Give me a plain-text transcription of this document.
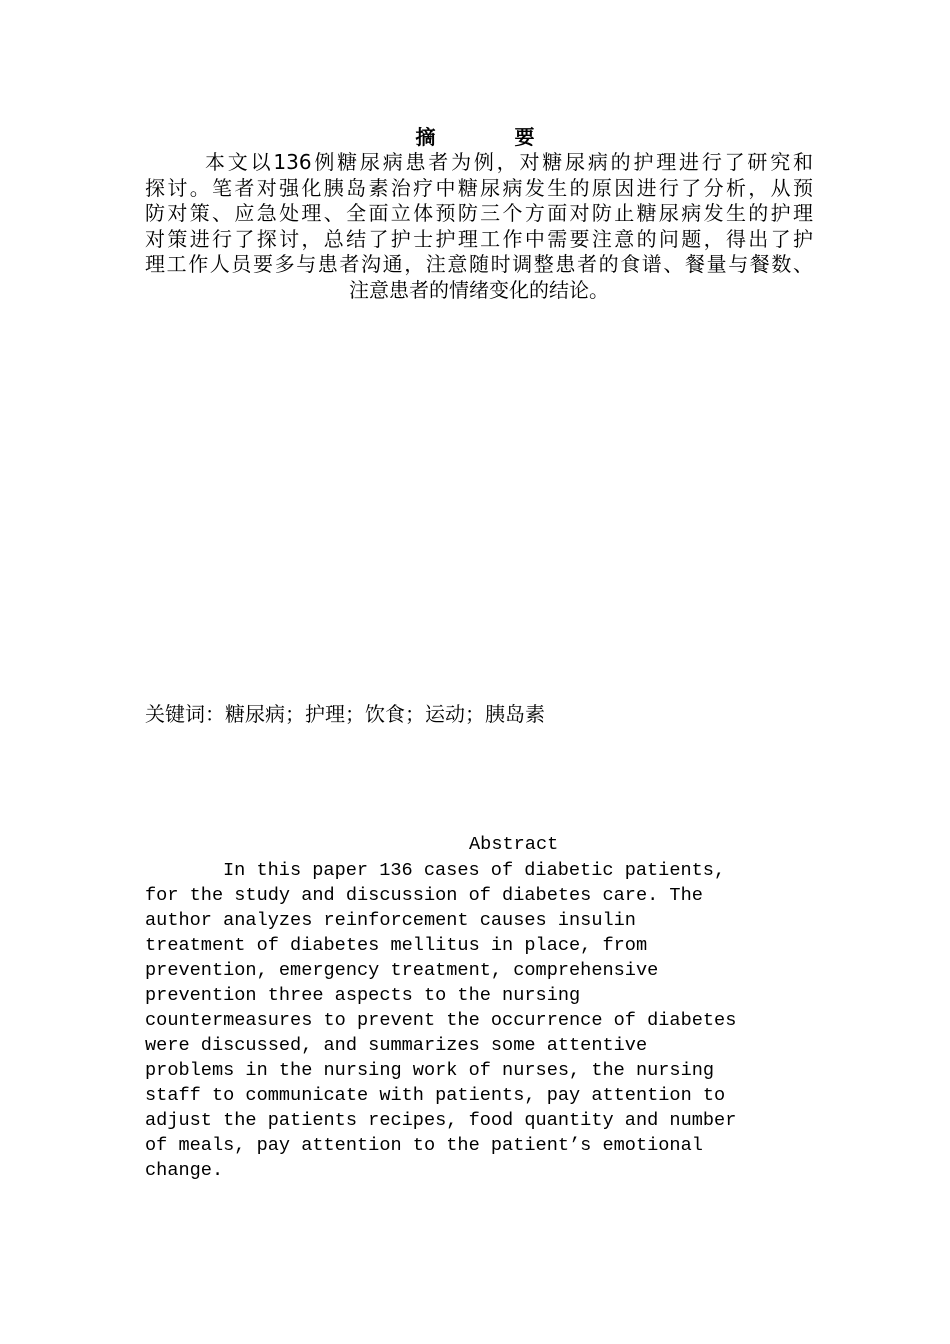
摘 要
本文以136例糖尿病患者为例，对糖尿病的护理进行了研究和
探讨。笔者对强化胰岛素治疗中糖尿病发生的原因进行了分析，从预
防对策、应急处理、全面立体预防三个方面对防止糖尿病发生的护理
对策进行了探讨，总结了护士护理工作中需要注意的问题，得出了护
理工作人员要多与患者沟通，注意随时调整患者的食谱、餐量与餐数、
注意患者的情绪变化的结论。
关键词：糖尿病；护理；饮食；运动；胰岛素
Abstract
In this paper 136 cases of diabetic patients,
for the study and discussion of diabetes care. The
author analyzes reinforcement causes insulin
treatment of diabetes mellitus in place, from
prevention, emergency treatment, comprehensive
prevention three aspects to the nursing
countermeasures to prevent the occurrence of diabetes
were discussed, and summarizes some attentive
problems in the nursing work of nurses, the nursing
staff to communicate with patients, pay attention to
adjust the patients recipes, food quantity and number
of meals, pay attention to the patient’s emotional
change.
